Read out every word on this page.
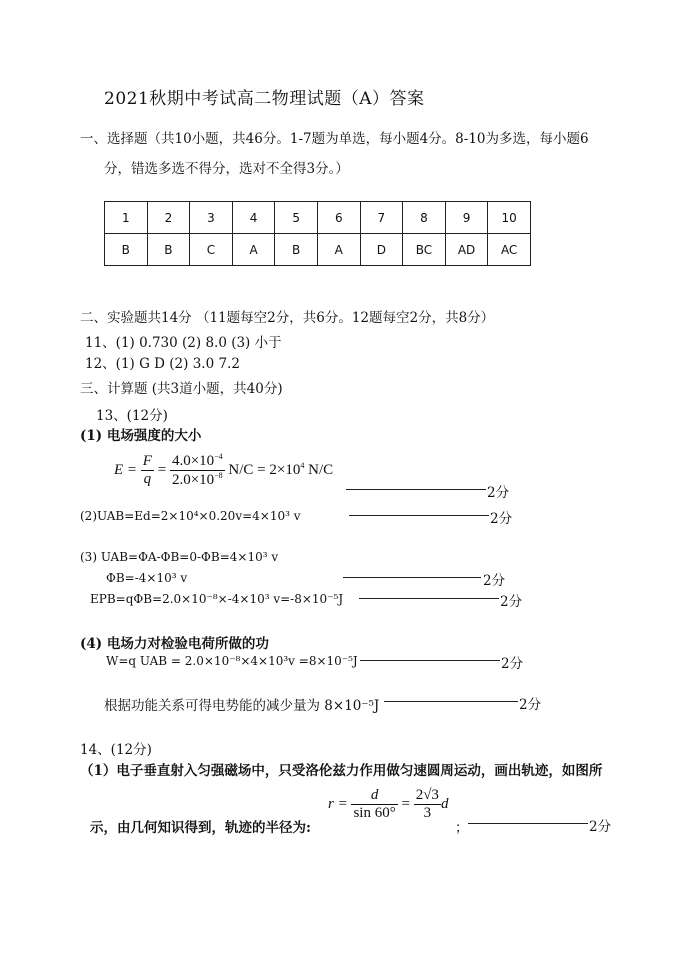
2021秋期中考试高二物理试题（A）答案
一、选择题（共10小题，共46分。1-7题为单选，每小题4分。8-10为多选，每小题6
分，错选多选不得分，选对不全得3分。）
1	2	3	4	5	6	7	8	9	10
B	B	C	A	B	A	D	BC	AD	AC
二、实验题共14分 （11题每空2分，共6分。12题每空2分，共8分）
11、(1) 0.730 (2) 8.0 (3) 小于
12、(1) G D (2) 3.0 7.2
三、计算题 (共3道小题，共40分)
13、(12分)
(1) 电场强度的大小
$E = \frac{F}{q} = \frac{4.0\times 10^{-4}}{2.0\times 10^{-8}} N/C = 2\times 10^4$ N/C
2分
(2)UAB=Ed=2×10⁴×0.20v=4×10³ v	2分
(3) UAB=ΦA-ΦB=0-ΦB=4×10³ v
ΦB=-4×10³ v	2分
EPB=qΦB=2.0×10⁻⁸×-4×10³ v=-8×10⁻⁵J	2分
(4) 电场力对检验电荷所做的功
W=q UAB = 2.0×10⁻⁸×4×10³v =8×10⁻⁵J	2分
根据功能关系可得电势能的减少量为 8×10⁻⁵J	2分
14、(12分)
（1）电子垂直射入匀强磁场中，只受洛伦兹力作用做匀速圆周运动，画出轨迹，如图所
示，由几何知识得到，轨迹的半径为:
$r = \frac{d}{\sin 60^\circ} = \frac{2√3}{3}$ d
；	2分
